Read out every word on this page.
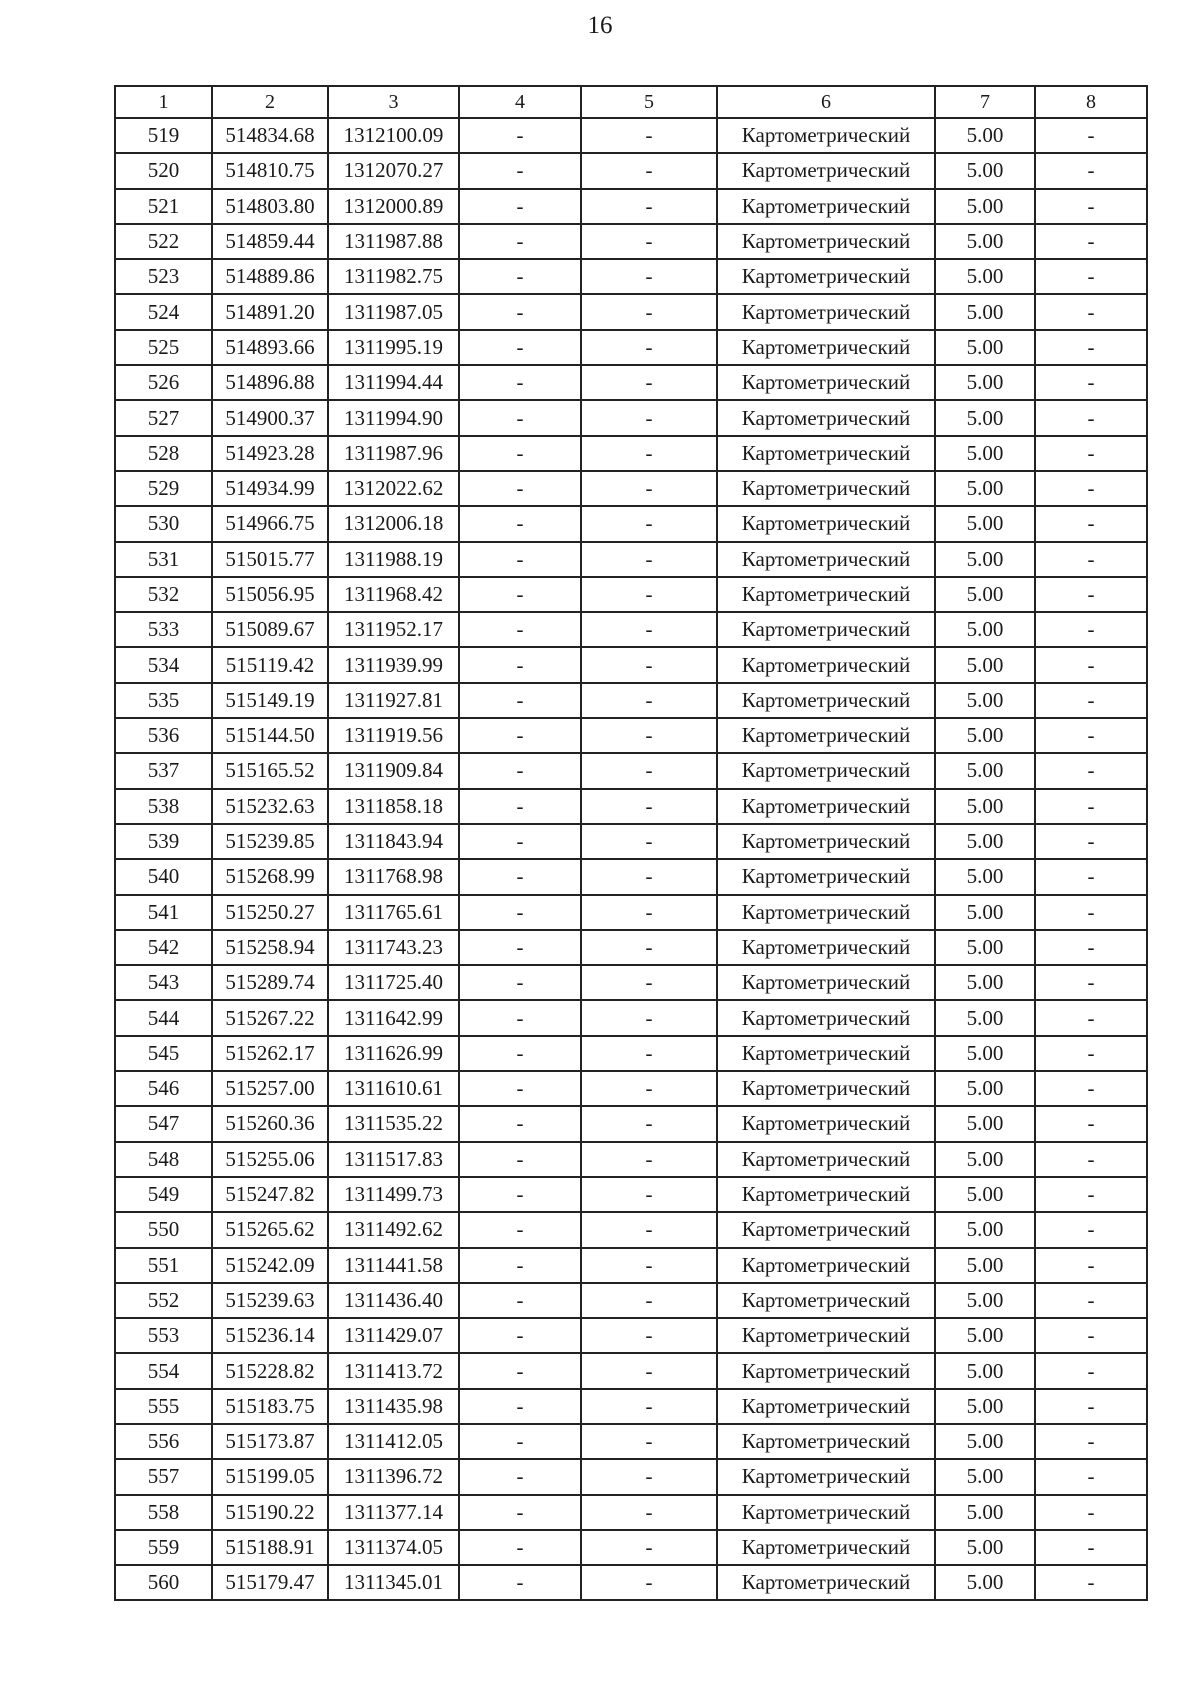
16
1	2	3	4	5	6	7	8
519	514834.68	1312100.09	-	-	Картометрический	5.00	-
520	514810.75	1312070.27	-	-	Картометрический	5.00	-
521	514803.80	1312000.89	-	-	Картометрический	5.00	-
522	514859.44	1311987.88	-	-	Картометрический	5.00	-
523	514889.86	1311982.75	-	-	Картометрический	5.00	-
524	514891.20	1311987.05	-	-	Картометрический	5.00	-
525	514893.66	1311995.19	-	-	Картометрический	5.00	-
526	514896.88	1311994.44	-	-	Картометрический	5.00	-
527	514900.37	1311994.90	-	-	Картометрический	5.00	-
528	514923.28	1311987.96	-	-	Картометрический	5.00	-
529	514934.99	1312022.62	-	-	Картометрический	5.00	-
530	514966.75	1312006.18	-	-	Картометрический	5.00	-
531	515015.77	1311988.19	-	-	Картометрический	5.00	-
532	515056.95	1311968.42	-	-	Картометрический	5.00	-
533	515089.67	1311952.17	-	-	Картометрический	5.00	-
534	515119.42	1311939.99	-	-	Картометрический	5.00	-
535	515149.19	1311927.81	-	-	Картометрический	5.00	-
536	515144.50	1311919.56	-	-	Картометрический	5.00	-
537	515165.52	1311909.84	-	-	Картометрический	5.00	-
538	515232.63	1311858.18	-	-	Картометрический	5.00	-
539	515239.85	1311843.94	-	-	Картометрический	5.00	-
540	515268.99	1311768.98	-	-	Картометрический	5.00	-
541	515250.27	1311765.61	-	-	Картометрический	5.00	-
542	515258.94	1311743.23	-	-	Картометрический	5.00	-
543	515289.74	1311725.40	-	-	Картометрический	5.00	-
544	515267.22	1311642.99	-	-	Картометрический	5.00	-
545	515262.17	1311626.99	-	-	Картометрический	5.00	-
546	515257.00	1311610.61	-	-	Картометрический	5.00	-
547	515260.36	1311535.22	-	-	Картометрический	5.00	-
548	515255.06	1311517.83	-	-	Картометрический	5.00	-
549	515247.82	1311499.73	-	-	Картометрический	5.00	-
550	515265.62	1311492.62	-	-	Картометрический	5.00	-
551	515242.09	1311441.58	-	-	Картометрический	5.00	-
552	515239.63	1311436.40	-	-	Картометрический	5.00	-
553	515236.14	1311429.07	-	-	Картометрический	5.00	-
554	515228.82	1311413.72	-	-	Картометрический	5.00	-
555	515183.75	1311435.98	-	-	Картометрический	5.00	-
556	515173.87	1311412.05	-	-	Картометрический	5.00	-
557	515199.05	1311396.72	-	-	Картометрический	5.00	-
558	515190.22	1311377.14	-	-	Картометрический	5.00	-
559	515188.91	1311374.05	-	-	Картометрический	5.00	-
560	515179.47	1311345.01	-	-	Картометрический	5.00	-
